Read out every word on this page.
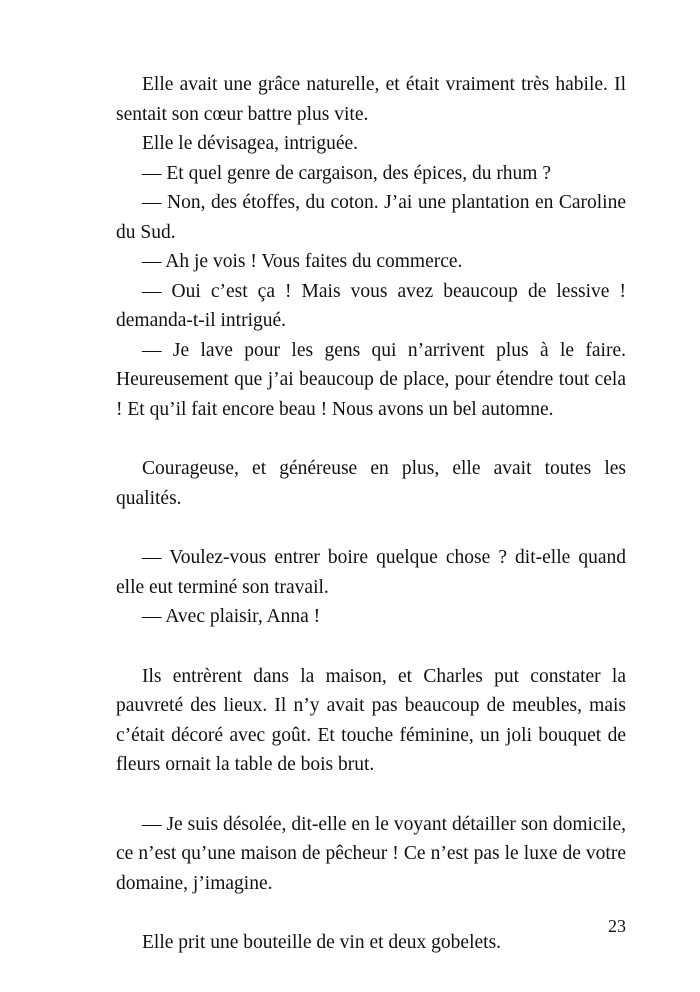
Elle avait une grâce naturelle, et était vraiment très habile. Il sentait son cœur battre plus vite.

Elle le dévisagea, intriguée.

— Et quel genre de cargaison, des épices, du rhum ?

— Non, des étoffes, du coton. J’ai une plantation en Caroline du Sud.

— Ah je vois ! Vous faites du commerce.

— Oui c’est ça ! Mais vous avez beaucoup de lessive ! demanda-t-il intrigué.

— Je lave pour les gens qui n’arrivent plus à le faire. Heureusement que j’ai beaucoup de place, pour étendre tout cela ! Et qu’il fait encore beau ! Nous avons un bel automne.

Courageuse, et généreuse en plus, elle avait toutes les qualités.

— Voulez-vous entrer boire quelque chose ? dit-elle quand elle eut terminé son travail.

— Avec plaisir, Anna !

Ils entrèrent dans la maison, et Charles put constater la pauvreté des lieux. Il n’y avait pas beaucoup de meubles, mais c’était décoré avec goût. Et touche féminine, un joli bouquet de fleurs ornait la table de bois brut.

— Je suis désolée, dit-elle en le voyant détailler son domicile, ce n’est qu’une maison de pêcheur ! Ce n’est pas le luxe de votre domaine, j’imagine.

Elle prit une bouteille de vin et deux gobelets.

23
